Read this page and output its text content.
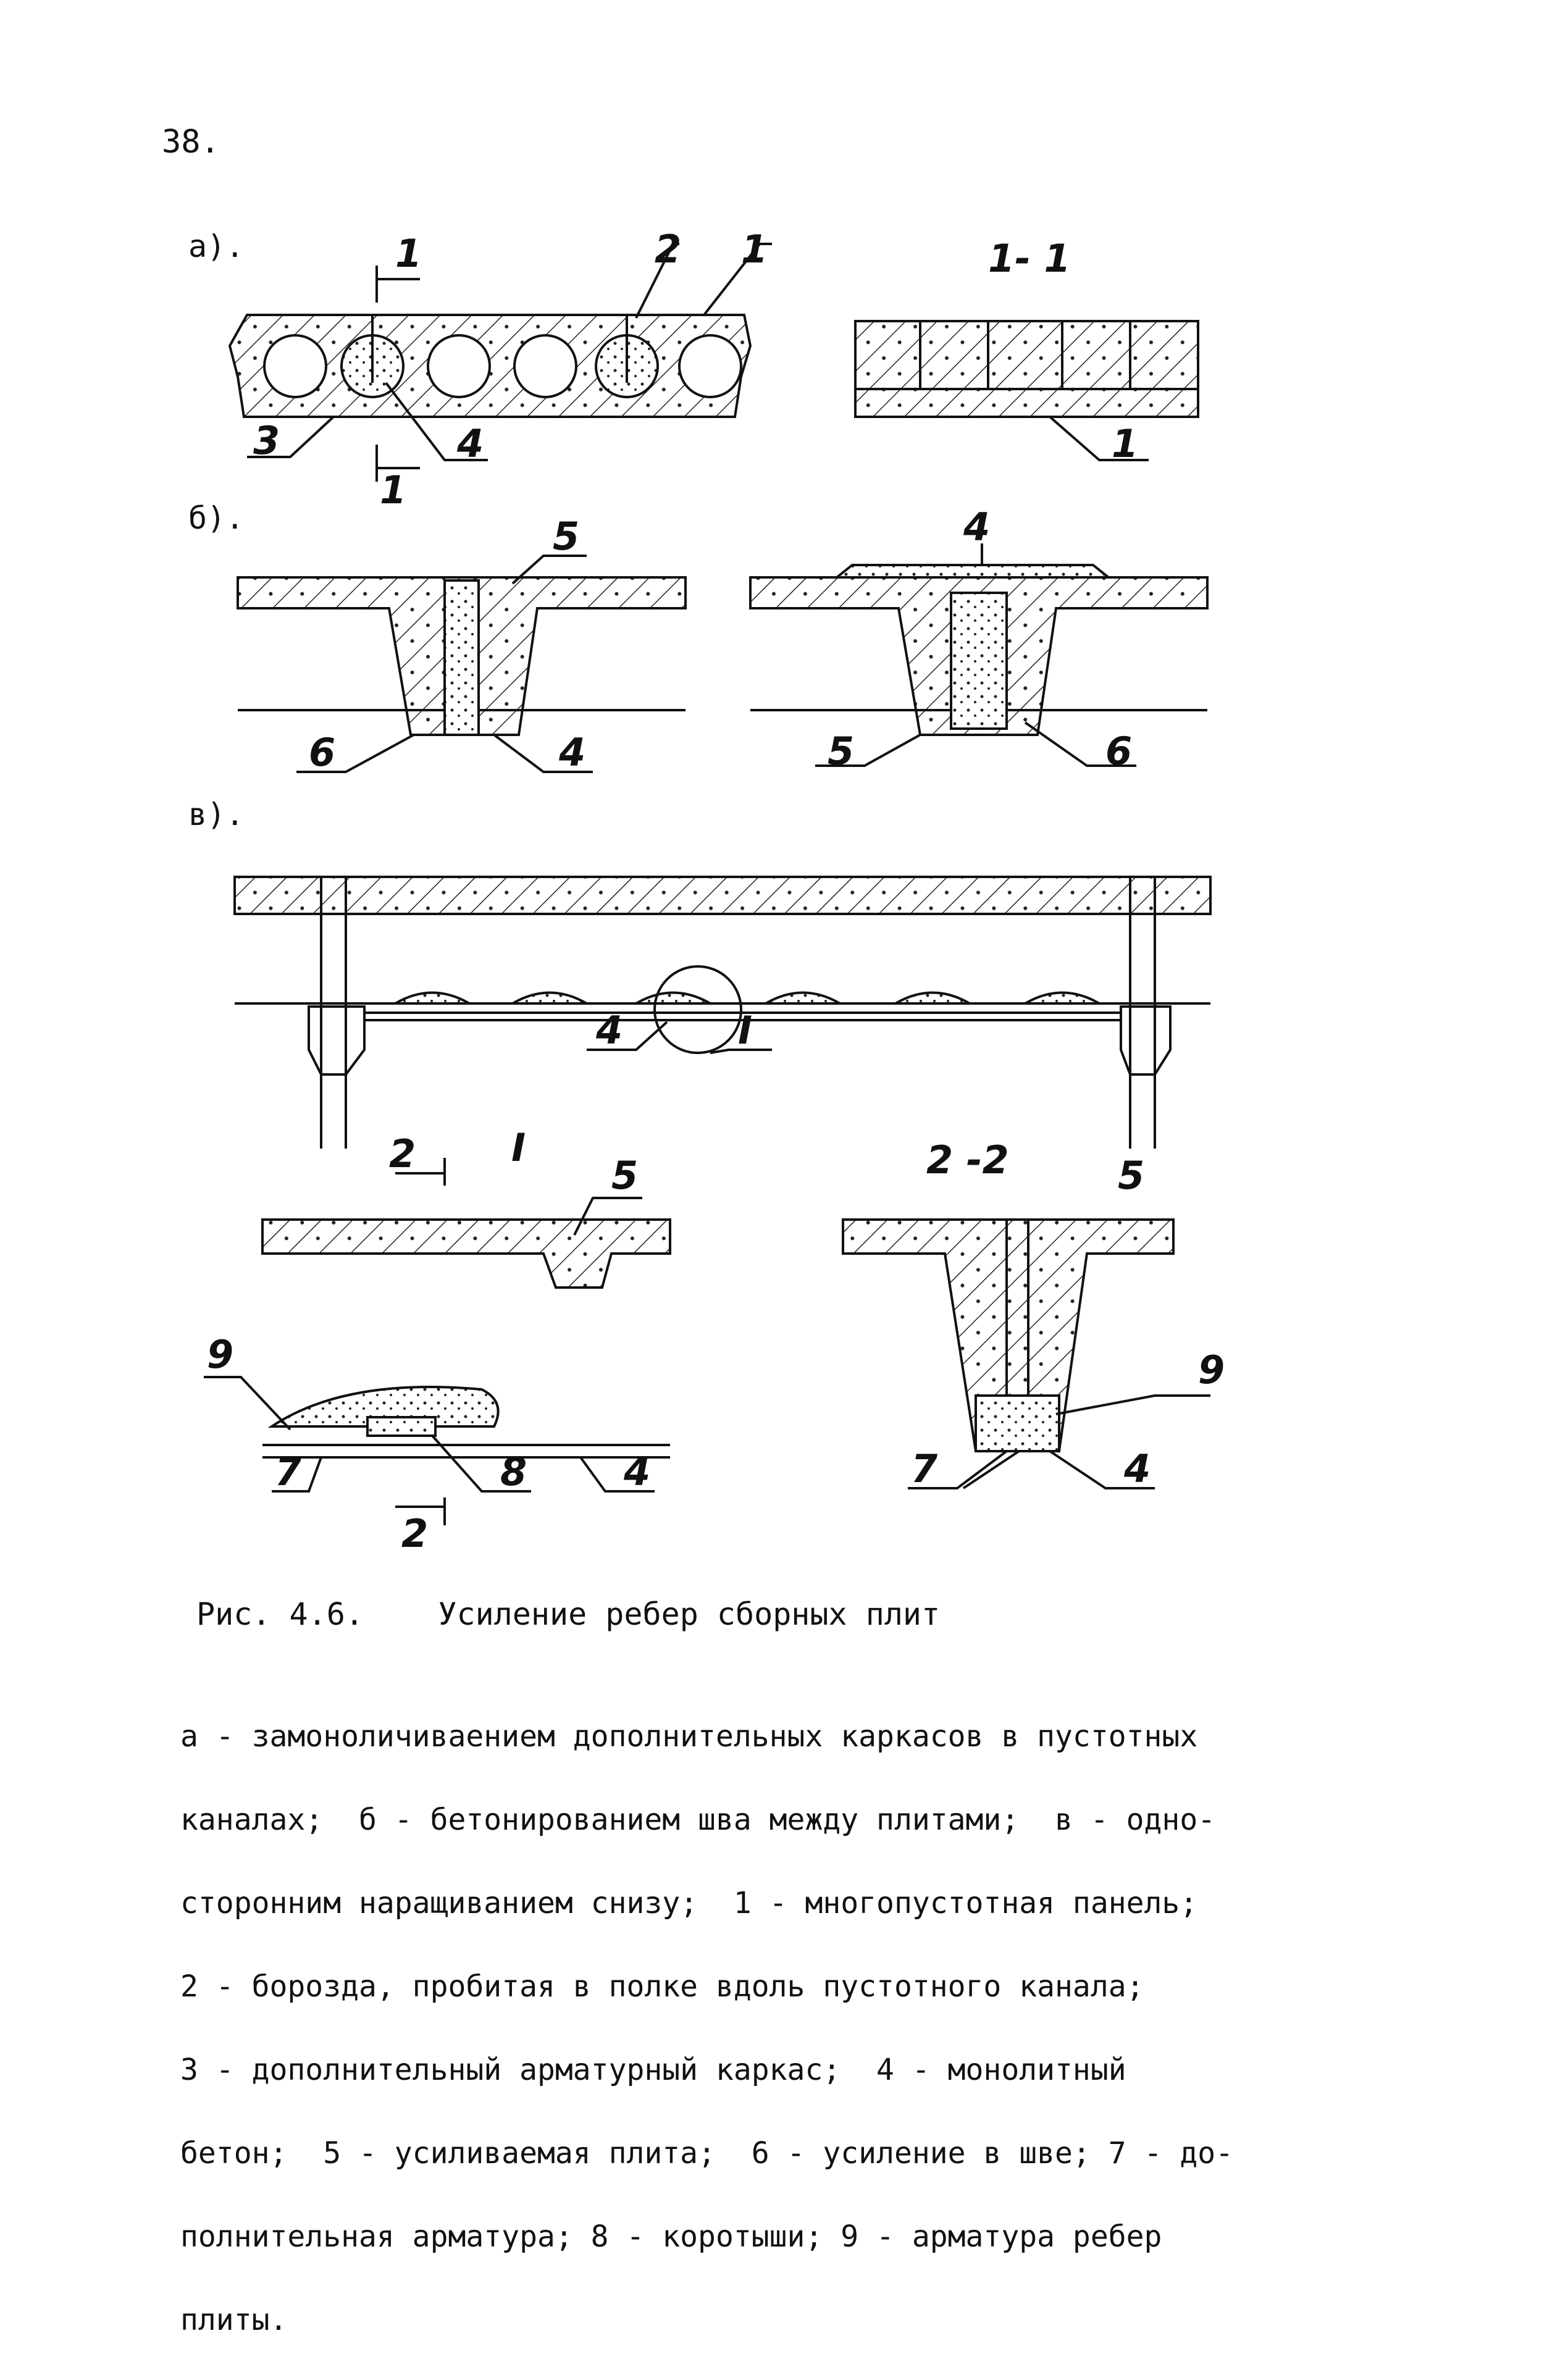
38.
а).
б).
в).
1
1
2 1
3	4
1- 1
1
5
6	4
4
5	6
4	I
I
2
2
5
9
7	8	4
2 -2	5
9
7	4
Рис. 4.6. Усиление ребер сборных плит

а - замоноличиваением дополнительных каркасов в пустотных

каналах;  б - бетонированием шва между плитами;  в - одно-

сторонним наращиванием снизу;  1 - многопустотная панель;

2 - борозда, пробитая в полке вдоль пустотного канала;

3 - дополнительный арматурный каркас;  4 - монолитный

бетон;  5 - усиливаемая плита;  6 - усиление в шве; 7 - до-

полнительная арматура; 8 - коротыши; 9 - арматура ребер

плиты.
